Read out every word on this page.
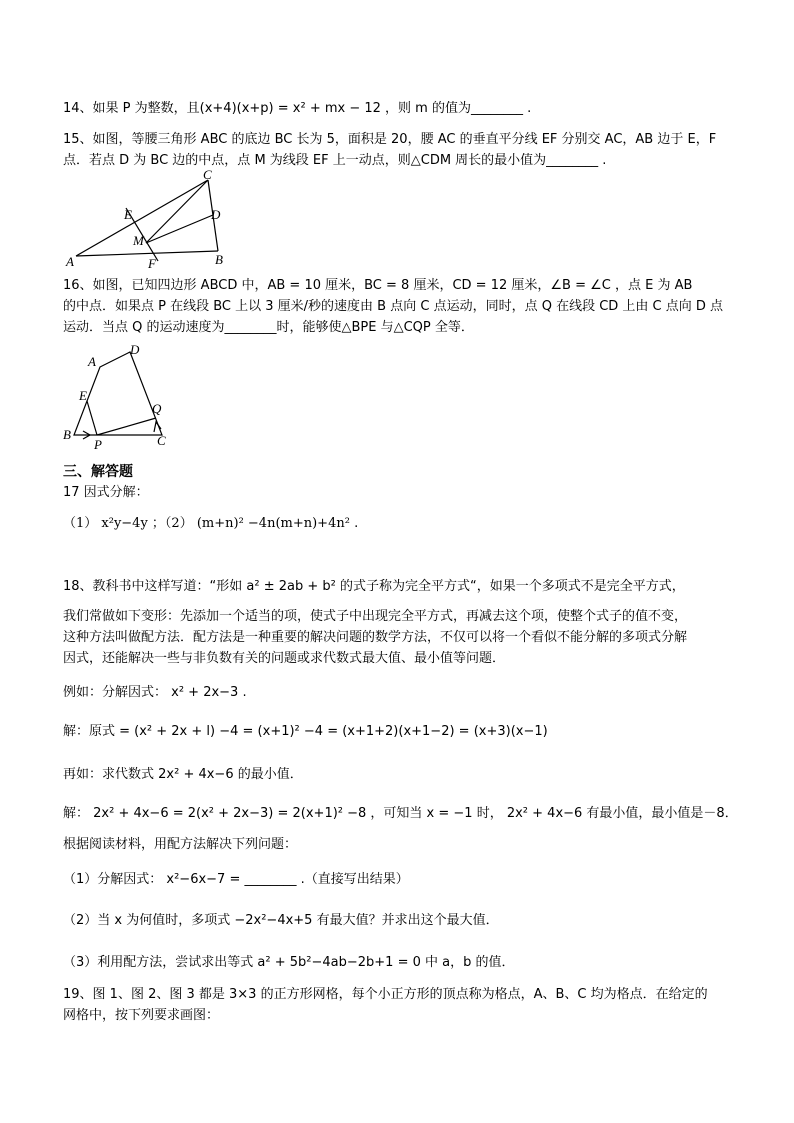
14、如果 P 为整数，且(x+4)(x+p) = x² + mx − 12 ，则 m 的值为________ .
15、如图，等腰三角形 ABC 的底边 BC 长为 5，面积是 20，腰 AC 的垂直平分线 EF 分别交 AC，AB 边于 E，F
点．若点 D 为 BC 边的中点，点 M 为线段 EF 上一动点，则△CDM 周长的最小值为________ .
C
E	D
M
A	F	B
16、如图，已知四边形 ABCD 中，AB = 10 厘米，BC = 8 厘米，CD = 12 厘米，∠B = ∠C ，点 E 为 AB
的中点．如果点 P 在线段 BC 上以 3 厘米/秒的速度由 B 点向 C 点运动，同时，点 Q 在线段 CD 上由 C 点向 D 点
运动．当点 Q 的运动速度为________时，能够使△BPE 与△CQP 全等．
A
D
E
Q
B
P	C
三、解答题
17 因式分解：
（1） x²y−4y ；（2） (m+n)² −4n(m+n)+4n² .
18、教科书中这样写道：“形如 a² ± 2ab + b² 的式子称为完全平方式“，如果一个多项式不是完全平方式，
我们常做如下变形：先添加一个适当的项，使式子中出现完全平方式，再减去这个项，使整个式子的值不变，
这种方法叫做配方法．配方法是一种重要的解决问题的数学方法，不仅可以将一个看似不能分解的多项式分解
因式，还能解决一些与非负数有关的问题或求代数式最大值、最小值等问题．
例如：分解因式： x² + 2x−3 .
解：原式 = (x² + 2x + l) −4 = (x+1)² −4 = (x+1+2)(x+1−2) = (x+3)(x−1)
再如：求代数式 2x² + 4x−6 的最小值．
解： 2x² + 4x−6 = 2(x² + 2x−3) = 2(x+1)² −8 ，可知当 x = −1 时， 2x² + 4x−6 有最小值，最小值是－8．
根据阅读材料，用配方法解决下列问题：
（1）分解因式： x²−6x−7 = ________ .（直接写出结果）
（2）当 x 为何值时，多项式 −2x²−4x+5 有最大值？并求出这个最大值．
（3）利用配方法，尝试求出等式 a² + 5b²−4ab−2b+1 = 0 中 a，b 的值．
19、图 1、图 2、图 3 都是 3×3 的正方形网格，每个小正方形的顶点称为格点，A、B、C 均为格点．在给定的
网格中，按下列要求画图：
